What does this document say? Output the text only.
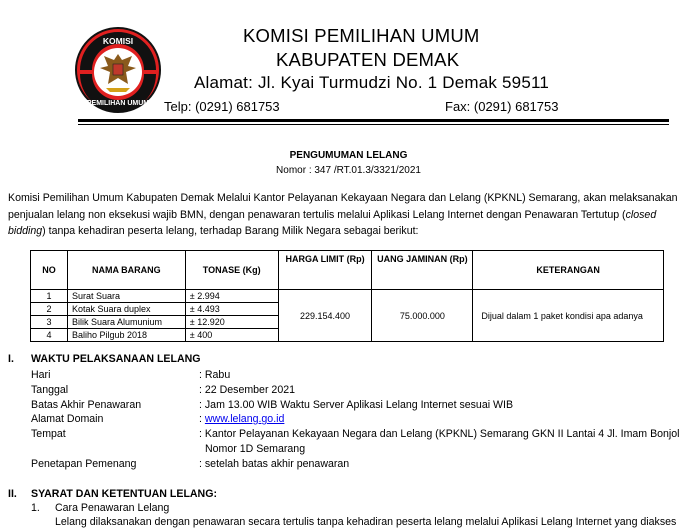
KOMISI
PEMILIHAN UMUM
KOMISI PEMILIHAN UMUM
KABUPATEN DEMAK
Alamat: Jl. Kyai Turmudzi No. 1 Demak 59511
Telp: (0291) 681753	Fax: (0291) 681753
PENGUMUMAN LELANG
Nomor : 347 /RT.01.3/3321/2021
Komisi Pemilihan Umum Kabupaten Demak Melalui Kantor Pelayanan Kekayaan Negara dan Lelang (KPKNL) Semarang, akan melaksanakan penjualan lelang non eksekusi wajib BMN, dengan penawaran tertulis melalui Aplikasi Lelang Internet dengan Penawaran Tertutup (closed bidding) tanpa kehadiran peserta lelang, terhadap Barang Milik Negara sebagai berikut:
NO	NAMA BARANG	TONASE (Kg)	HARGA LIMIT (Rp)	UANG JAMINAN (Rp)	KETERANGAN
1	Surat Suara	± 2.994	229.154.400	75.000.000	Dijual dalam 1 paket kondisi apa adanya
2	Kotak Suara duplex	± 4.493			
3	Bilik Suara Alumunium	± 12.920			
4	Baliho Pilgub 2018	± 400			
I. WAKTU PELAKSANAAN LELANG
Hari	: Rabu
Tanggal	: 22 Desember 2021
Batas Akhir Penawaran	: Jam 13.00 WIB Waktu Server Aplikasi Lelang Internet sesuai WIB
Alamat Domain	: www.lelang.go.id
Tempat	: Kantor Pelayanan Kekayaan Negara dan Lelang (KPKNL) Semarang GKN II Lantai 4 Jl. Imam Bonjol
Nomor 1D Semarang
Penetapan Pemenang	: setelah batas akhir penawaran
II. SYARAT DAN KETENTUAN LELANG:
1. Cara Penawaran Lelang
Lelang dilaksanakan dengan penawaran secara tertulis tanpa kehadiran peserta lelang melalui Aplikasi Lelang Internet yang diakses
